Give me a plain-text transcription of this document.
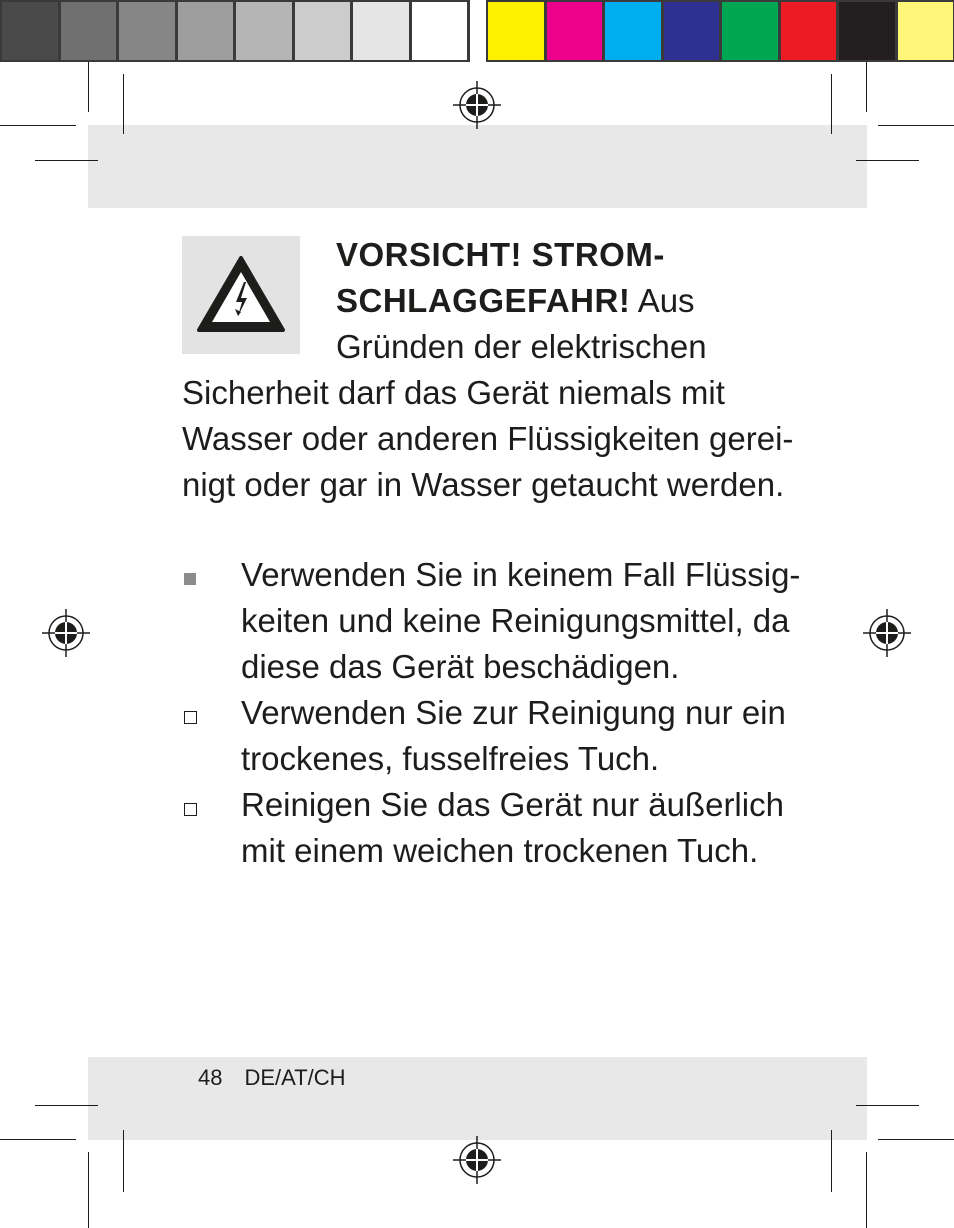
VORSICHT! STROM-
SCHLAGGEFAHR! Aus
Gründen der elektrischen
Sicherheit darf das Gerät niemals mit
Wasser oder anderen Flüssigkeiten gerei-
nigt oder gar in Wasser getaucht werden.
Verwenden Sie in keinem Fall Flüssig-
keiten und keine Reinigungsmittel, da
diese das Gerät beschädigen.
Verwenden Sie zur Reinigung nur ein
trockenes, fusselfreies Tuch.
Reinigen Sie das Gerät nur äußerlich
mit einem weichen trockenen Tuch.
48 DE/AT/CH
